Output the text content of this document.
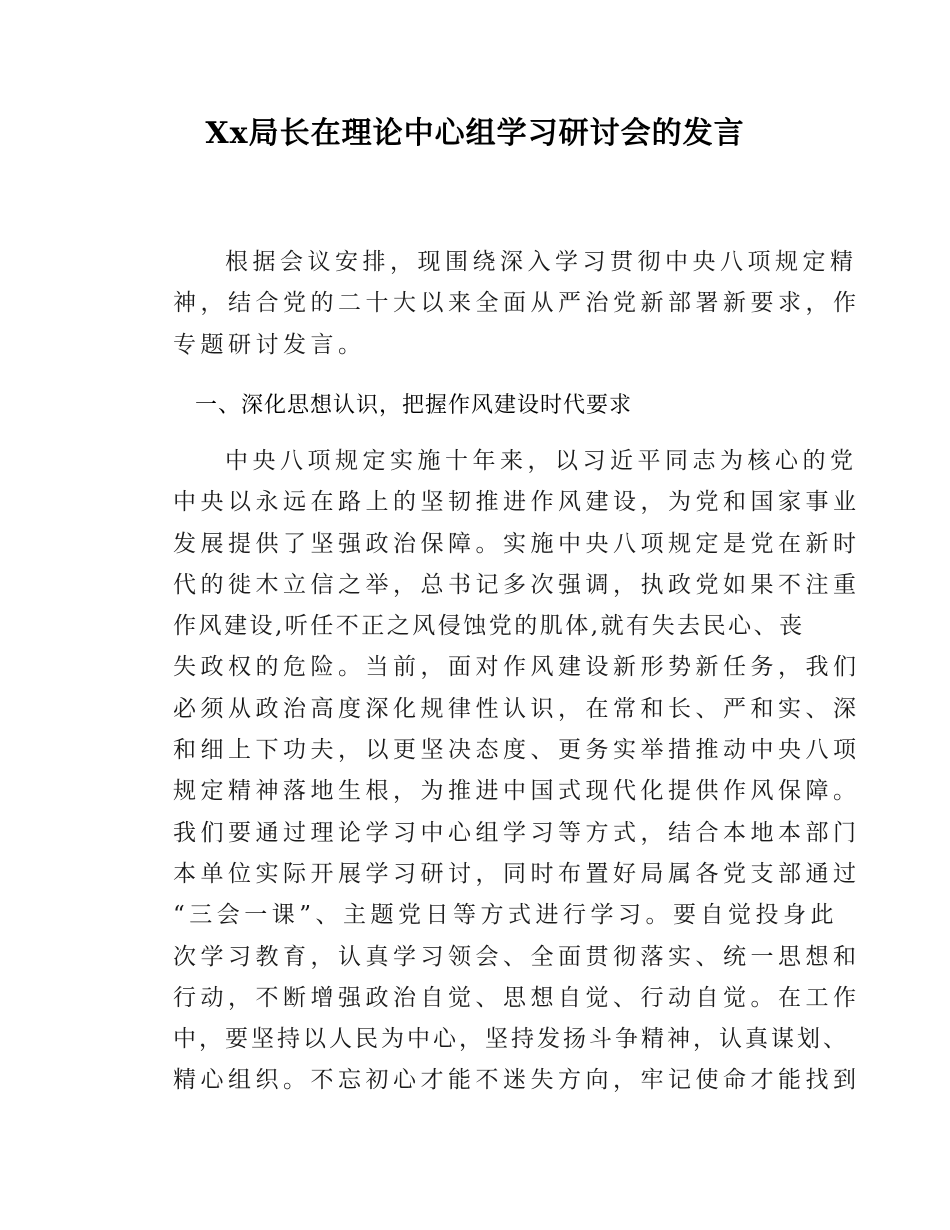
Xx局长在理论中心组学习研讨会的发言
根据会议安排，现围绕深入学习贯彻中央八项规定精
神，结合党的二十大以来全面从严治党新部署新要求，作
专题研讨发言。
一、深化思想认识，把握作风建设时代要求
中央八项规定实施十年来，以习近平同志为核心的党
中央以永远在路上的坚韧推进作风建设，为党和国家事业
发展提供了坚强政治保障。实施中央八项规定是党在新时
代的徙木立信之举，总书记多次强调，执政党如果不注重
作风建设,听任不正之风侵蚀党的肌体,就有失去民心、丧
失政权的危险。当前，面对作风建设新形势新任务，我们
必须从政治高度深化规律性认识，在常和长、严和实、深
和细上下功夫，以更坚决态度、更务实举措推动中央八项
规定精神落地生根，为推进中国式现代化提供作风保障。
我们要通过理论学习中心组学习等方式，结合本地本部门
本单位实际开展学习研讨，同时布置好局属各党支部通过
“三会一课”、主题党日等方式进行学习。要自觉投身此
次学习教育，认真学习领会、全面贯彻落实、统一思想和
行动，不断增强政治自觉、思想自觉、行动自觉。在工作
中，要坚持以人民为中心，坚持发扬斗争精神，认真谋划、
精心组织。不忘初心才能不迷失方向，牢记使命才能找到
